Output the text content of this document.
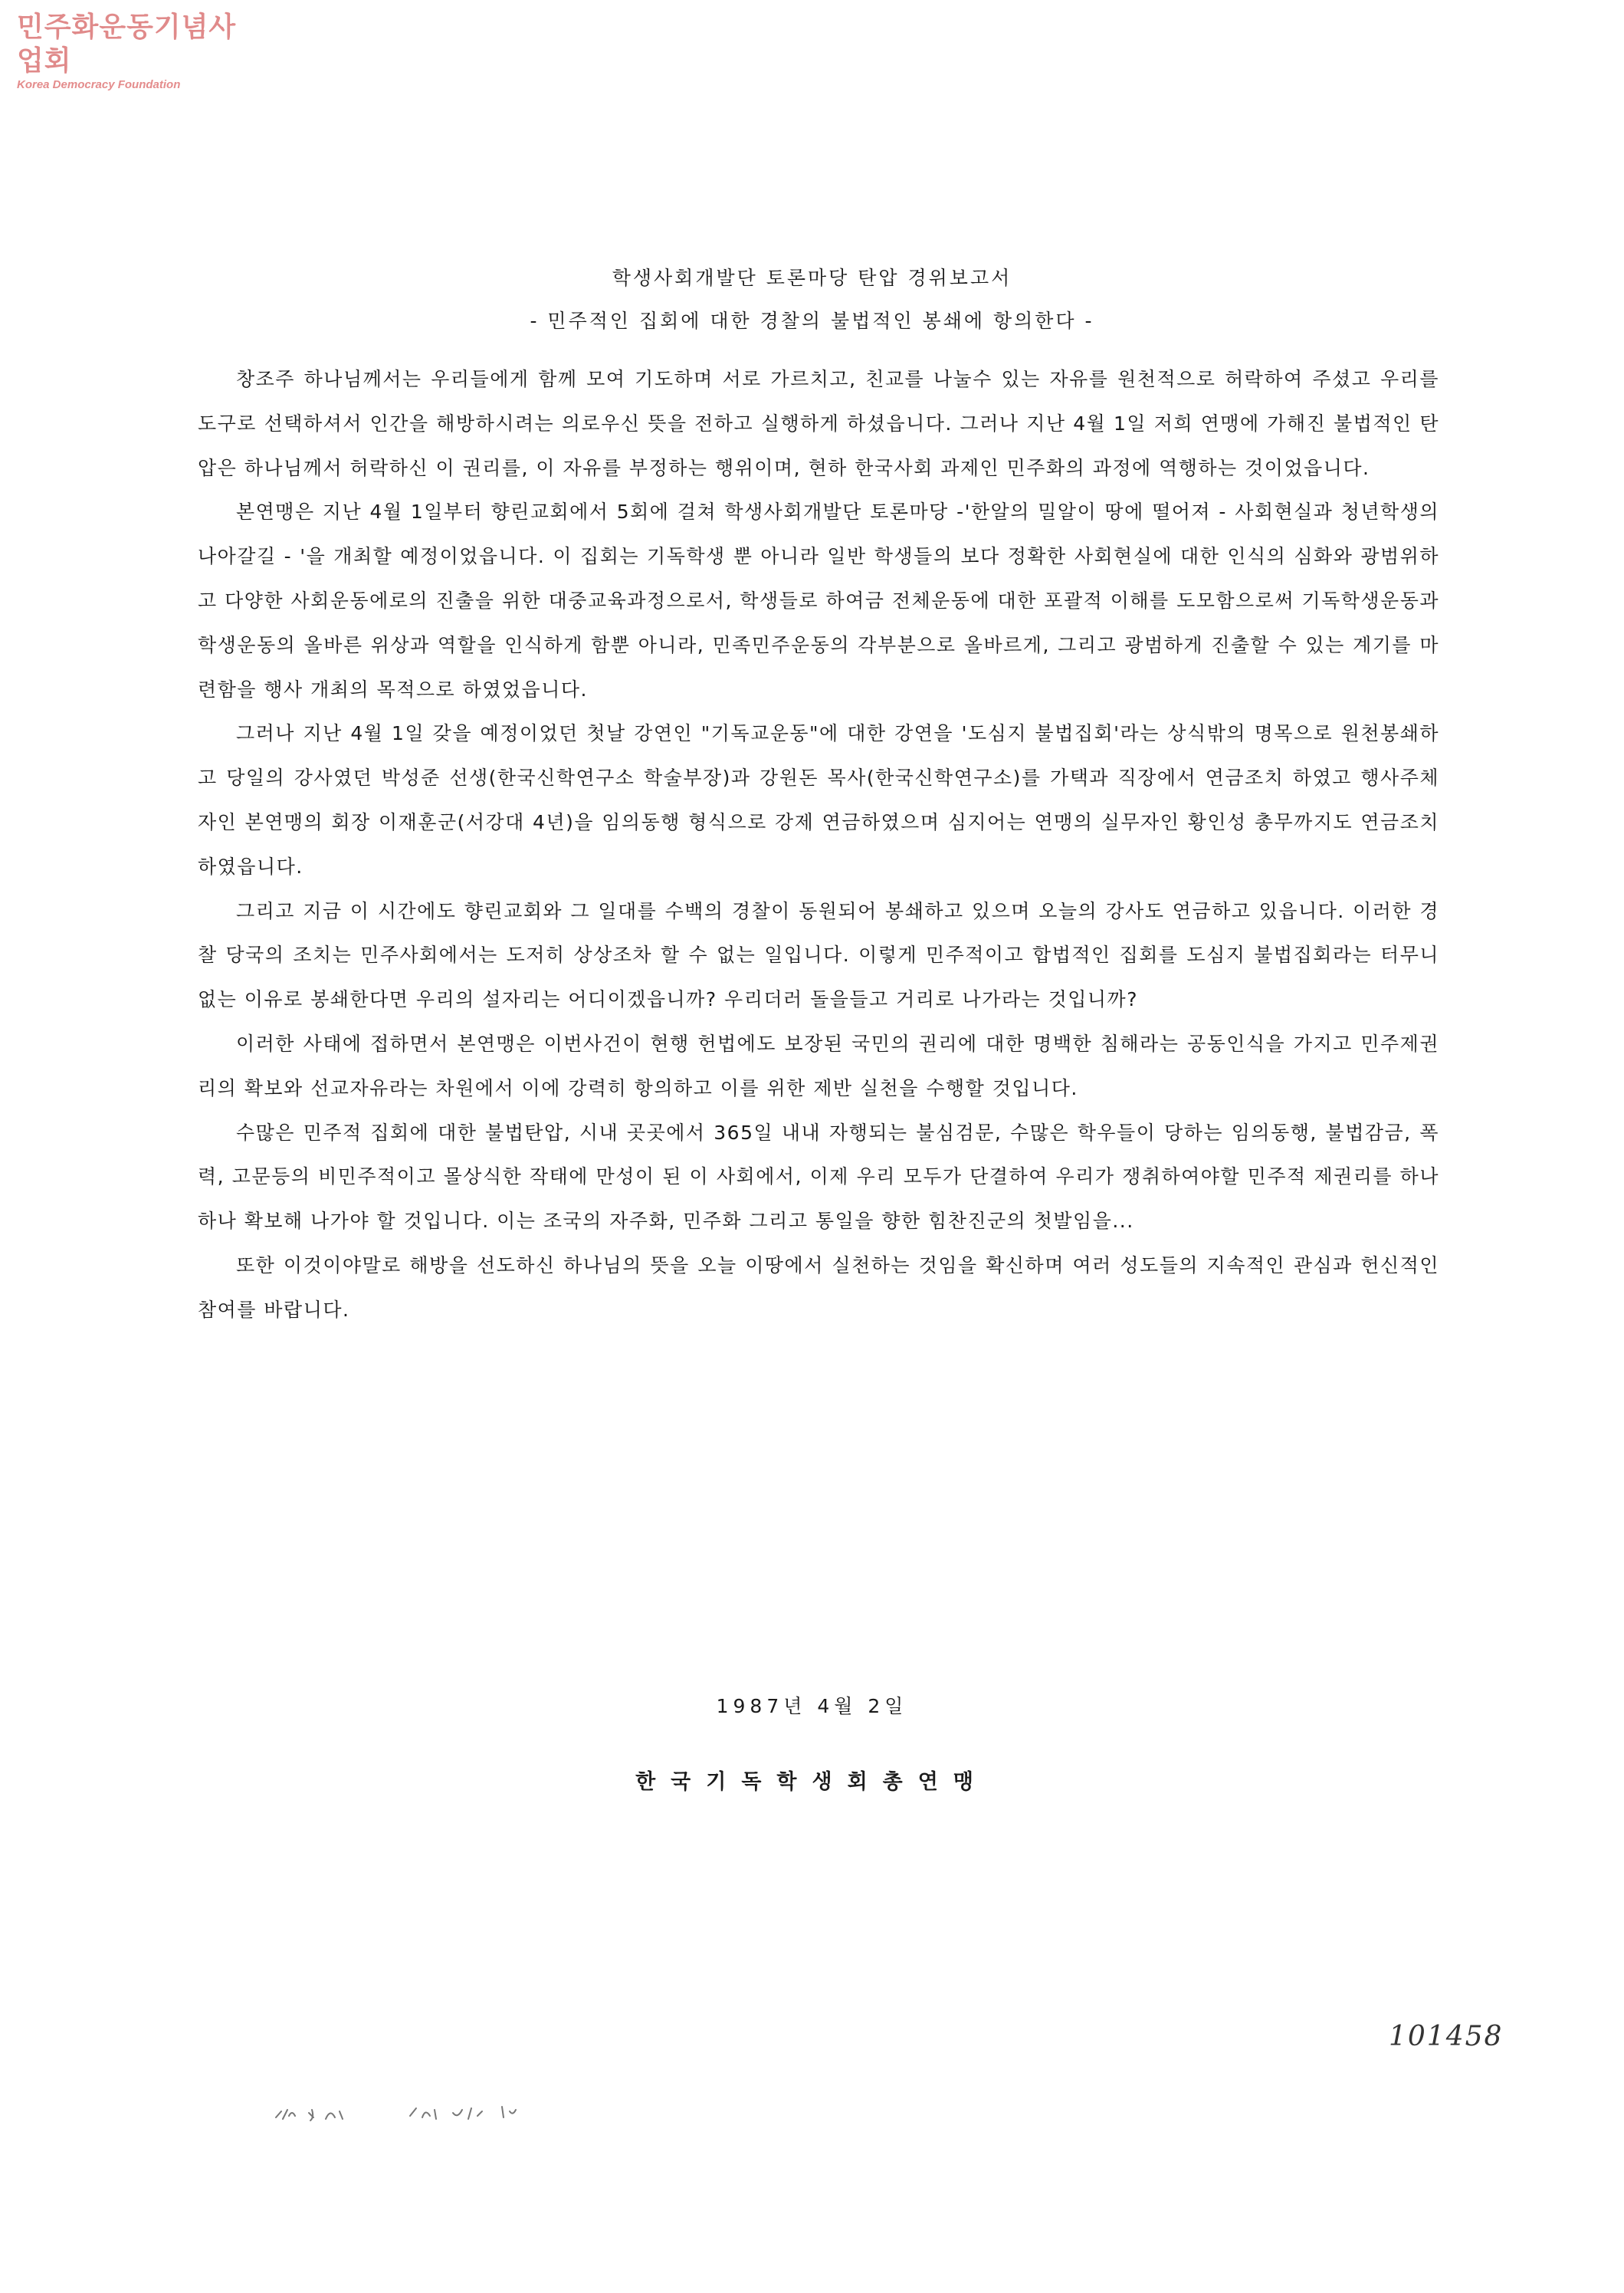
민주화운동기념사업회
Korea Democracy Foundation
학생사회개발단 토론마당 탄압 경위보고서
- 민주적인 집회에 대한 경찰의 불법적인 봉쇄에 항의한다 -

창조주 하나님께서는 우리들에게 함께 모여 기도하며 서로 가르치고, 친교를 나눌수 있는 자유를 원천적으로 허락하여 주셨고 우리를 도구로 선택하셔서 인간을 해방하시려는 의로우신 뜻을 전하고 실행하게 하셨읍니다. 그러나 지난 4월 1일 저희 연맹에 가해진 불법적인 탄압은 하나님께서 허락하신 이 권리를, 이 자유를 부정하는 행위이며, 현하 한국사회 과제인 민주화의 과정에 역행하는 것이었읍니다.

본연맹은 지난 4월 1일부터 향린교회에서 5회에 걸쳐 학생사회개발단 토론마당 -'한알의 밀알이 땅에 떨어져 - 사회현실과 청년학생의 나아갈길 - '을 개최할 예정이었읍니다. 이 집회는 기독학생 뿐 아니라 일반 학생들의 보다 정확한 사회현실에 대한 인식의 심화와 광범위하고 다양한 사회운동에로의 진출을 위한 대중교육과정으로서, 학생들로 하여금 전체운동에 대한 포괄적 이해를 도모함으로써 기독학생운동과 학생운동의 올바른 위상과 역할을 인식하게 함뿐 아니라, 민족민주운동의 각부분으로 올바르게, 그리고 광범하게 진출할 수 있는 계기를 마련함을 행사 개최의 목적으로 하였었읍니다.

그러나 지난 4월 1일 갖을 예정이었던 첫날 강연인 "기독교운동"에 대한 강연을 '도심지 불법집회'라는 상식밖의 명목으로 원천봉쇄하고 당일의 강사였던 박성준 선생(한국신학연구소 학술부장)과 강원돈 목사(한국신학연구소)를 가택과 직장에서 연금조치 하였고 행사주체자인 본연맹의 회장 이재훈군(서강대 4년)을 임의동행 형식으로 강제 연금하였으며 심지어는 연맹의 실무자인 황인성 총무까지도 연금조치하였읍니다.

그리고 지금 이 시간에도 향린교회와 그 일대를 수백의 경찰이 동원되어 봉쇄하고 있으며 오늘의 강사도 연금하고 있읍니다. 이러한 경찰 당국의 조치는 민주사회에서는 도저히 상상조차 할 수 없는 일입니다. 이렇게 민주적이고 합법적인 집회를 도심지 불법집회라는 터무니없는 이유로 봉쇄한다면 우리의 설자리는 어디이겠읍니까? 우리더러 돌을들고 거리로 나가라는 것입니까?

이러한 사태에 접하면서 본연맹은 이번사건이 현행 헌법에도 보장된 국민의 권리에 대한 명백한 침해라는 공동인식을 가지고 민주제권리의 확보와 선교자유라는 차원에서 이에 강력히 항의하고 이를 위한 제반 실천을 수행할 것입니다.

수많은 민주적 집회에 대한 불법탄압, 시내 곳곳에서 365일 내내 자행되는 불심검문, 수많은 학우들이 당하는 임의동행, 불법감금, 폭력, 고문등의 비민주적이고 몰상식한 작태에 만성이 된 이 사회에서, 이제 우리 모두가 단결하여 우리가 쟁취하여야할 민주적 제권리를 하나하나 확보해 나가야 할 것입니다. 이는 조국의 자주화, 민주화 그리고 통일을 향한 힘찬진군의 첫발임을...

또한 이것이야말로 해방을 선도하신 하나님의 뜻을 오늘 이땅에서 실천하는 것임을 확신하며 여러 성도들의 지속적인 관심과 헌신적인 참여를 바랍니다.

1987년 4월 2일
한국기독학생회총연맹
101458
